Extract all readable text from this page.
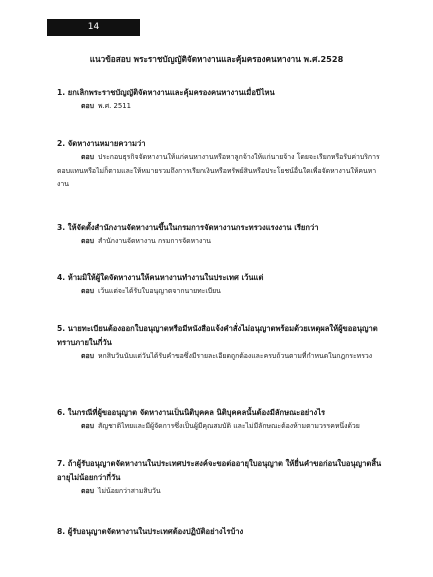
14
แนวข้อสอบ พระราชบัญญัติจัดหางานและคุ้มครองคนหางาน พ.ศ.2528
1. ยกเลิกพระราชบัญญัติจัดหางานและคุ้มครองคนหางานเมื่อปีไหน
ตอบ พ.ศ. 2511
2. จัดหางานหมายความว่า
ตอบ ประกอบธุรกิจจัดหางานให้แก่คนหางานหรือหาลูกจ้างให้แก่นายจ้าง โดยจะเรียกหรือรับค่าบริการตอบแทนหรือไม่ก็ตามและให้หมายรวมถึงการเรียกเงินหรือทรัพย์สินหรือประโยชน์อื่นใดเพื่อจัดหางานให้คนหางาน
3. ให้จัดตั้งสำนักงานจัดหางานขึ้นในกรมการจัดหางานกระทรวงแรงงาน เรียกว่า
ตอบ สำนักงานจัดหางาน กรมการจัดหางาน
4. ห้ามมิให้ผู้ใดจัดหางานให้คนหางานทำงานในประเทศ เว้นแต่
ตอบ เว้นแต่จะได้รับใบอนุญาตจากนายทะเบียน
5. นายทะเบียนต้องออกใบอนุญาตหรือมีหนังสือแจ้งคำสั่งไม่อนุญาตพร้อมด้วยเหตุผลให้ผู้ขออนุญาตทราบภายในกี่วัน
ตอบ หกสิบวันนับแต่วันได้รับคำขอซึ่งมีรายละเอียดถูกต้องและครบถ้วนตามที่กำหนดในกฎกระทรวง
6. ในกรณีที่ผู้ขออนุญาต จัดหางานเป็นนิติบุคคล นิติบุคคลนั้นต้องมีลักษณะอย่างไร
ตอบ สัญชาติไทยและมีผู้จัดการซึ่งเป็นผู้มีคุณสมบัติ และไม่มีลักษณะต้องห้ามตามวรรคหนึ่งด้วย
7. ถ้าผู้รับอนุญาตจัดหางานในประเทศประสงค์จะขอต่ออายุใบอนุญาต ให้ยื่นคำขอก่อนใบอนุญาตสิ้นอายุไม่น้อยกว่ากี่วัน
ตอบ ไม่น้อยกว่าสามสิบวัน
8. ผู้รับอนุญาตจัดหางานในประเทศต้องปฏิบัติอย่างไรบ้าง
